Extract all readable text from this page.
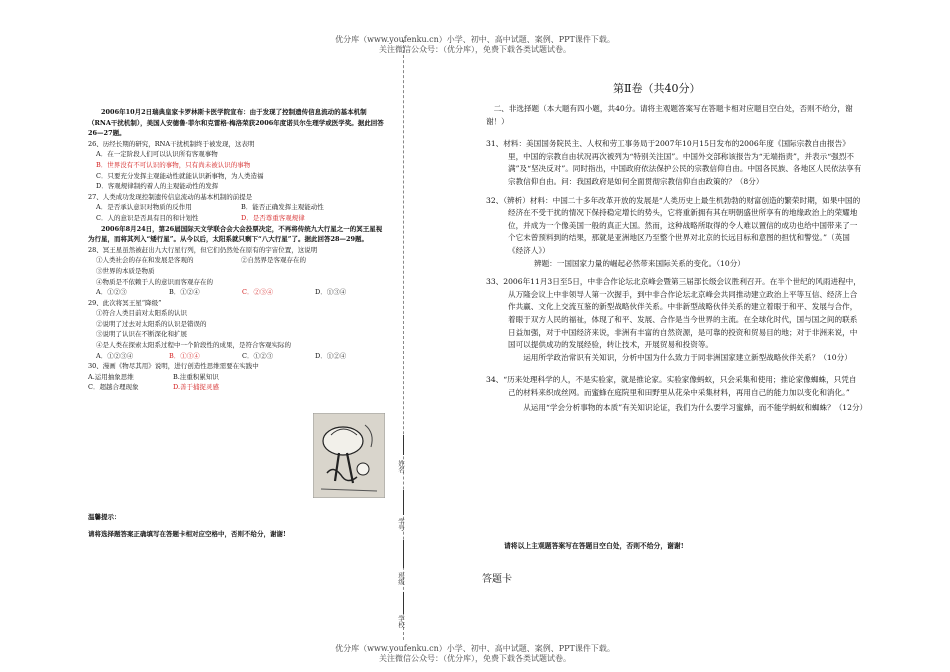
优分库（www.youfenku.cn）小学、初中、高中试题、案例、PPT课件下载。
关注微信公众号：（优分库），免费下载各类试题试卷。
优分库（www.youfenku.cn）小学、初中、高中试题、案例、PPT课件下载。
关注微信公众号：（优分库），免费下载各类试题试卷。
2006年10月2日瑞典皇家卡罗林斯卡医学院宣布：由于发现了控制遗传信息流动的基本机制（RNA干扰机制），美国人安德鲁·菲尔和克雷格·梅洛荣获2006年度诺贝尔生理学或医学奖。据此回答26—27题。
26、历经长期的研究，RNA干扰机制终于被发现，这表明
A．在一定阶段人们可以认识所有客观事物
B．世界没有不可认识的事物，只有尚未被认识的事物
C．只要充分发挥主观能动性就能认识新事物，为人类造福
D．客观规律制约着人的主观能动性的发挥
27、人类成功发现控制遗传信息流动的基本机制的前提是
A．是否承认意识对物质的反作用	B．能否正确发挥主观能动性
C．人的意识是否具有目的和计划性	D．是否尊重客观规律
2006年8月24日，第26届国际天文学联合会大会投票决定，不再将传统九大行星之一的冥王星视为行星，而将其列入“矮行星”。从今以后，太阳系就只剩下“八大行星”了。据此回答28—29题。
28、冥王星虽然被赶出九大行星行列，但它们仍然处在原有的宇宙位置，这说明
①人类社会的存在和发展是客观的	②自然界是客观存在的
③世界的本质是物质④物质是不依赖于人的意识而客观存在的
A．①②③	B．①②④	C．②③④	D．①③④
29、此次将冥王星“降级”
①符合人类目前对太阳系的认识
②说明了过去对太阳系的认识是错误的
③说明了认识在不断深化和扩展
④是人类在探索太阳系过程中一个阶段性的成果，是符合客观实际的
A．①②③④	B．①③④	C．①②③	D．①②④
30、漫画《物尽其用》说明，进行创造性思维需要在实践中
A.运用抽象思维	B.注重积累知识
C．超越合理现象	D.善于捕捉灵感
温馨提示：
请将选择题答案正确填写在答题卡相对应空格中，否则不给分，谢谢!
姓名
学号
班级
学校
第Ⅱ卷（共40分）

二、非选择题（本大题有四小题，共40分。请将主观题答案写在答题卡相对应题目空白处，否则不给分，谢谢！）

31、材料：美国国务院民主、人权和劳工事务局于2007年10月15日发布的2006年度《国际宗教自由报告》里，中国的宗教自由状况再次被列为“特别关注国”。中国外交部称该报告为“无端指责”，并表示“强烈不满”及“坚决反对”。同时指出，中国政府依法保护公民的宗教信仰自由。中国各民族、各地区人民依法享有宗教信仰自由。问：我国政府是如何全面贯彻宗教信仰自由政策的？（8分）

32、（辨析）材料：中国二十多年改革开放的发展是“人类历史上最生机勃勃的财富创造的繁荣时期，如果中国的经济在不受干扰的情况下保持稳定增长的势头，它将重新拥有其在明朝盛世所享有的地缘政治上的荣耀地位，并成为一个像美国一般的真正大国。然而，这种战略所取得的令人难以置信的成功也给中国带来了一个它未曾预料到的结果，那就是亚洲地区乃至整个世界对北京的长远目标和意图的担忧和警觉。”（英国《经济人》）

辨题：一国国家力量的崛起必然带来国际关系的变化。（10分）

33、2006年11月3日至5日，中非合作论坛北京峰会暨第三届部长级会议胜利召开。在半个世纪的风雨进程中，从万隆会议上中非领导人第一次握手，到中非合作论坛北京峰会共同推动建立政治上平等互信、经济上合作共赢、文化上交流互鉴的新型战略伙伴关系。中非新型战略伙伴关系的建立着眼于和平、发展与合作，着眼于双方人民的福祉，体现了和平、发展、合作是当今世界的主流。在全球化时代，国与国之间的联系日益加强，对于中国经济来说，非洲有丰富的自然资源，是可靠的投资和贸易目的地；对于非洲来说，中国可以提供成功的发展经验，转让技术，开展贸易和投资等。

运用所学政治常识有关知识，分析中国为什么致力于同非洲国家建立新型战略伙伴关系？（10分）

34、“历来处理科学的人，不是实验家，就是推论家。实验家像蚂蚁，只会采集和使用；推论家像蜘蛛，只凭自己的材料来织成丝网。而蜜蜂在庭院里和田野里从花朵中采集材料，再用自己的能力加以变化和消化。”

从运用“学会分析事物的本质”有关知识论证，我们为什么要学习蜜蜂，而不能学蚂蚁和蜘蛛？（12分）

请将以上主观题答案写在答题目空白处，否则不给分，谢谢!
答题卡
